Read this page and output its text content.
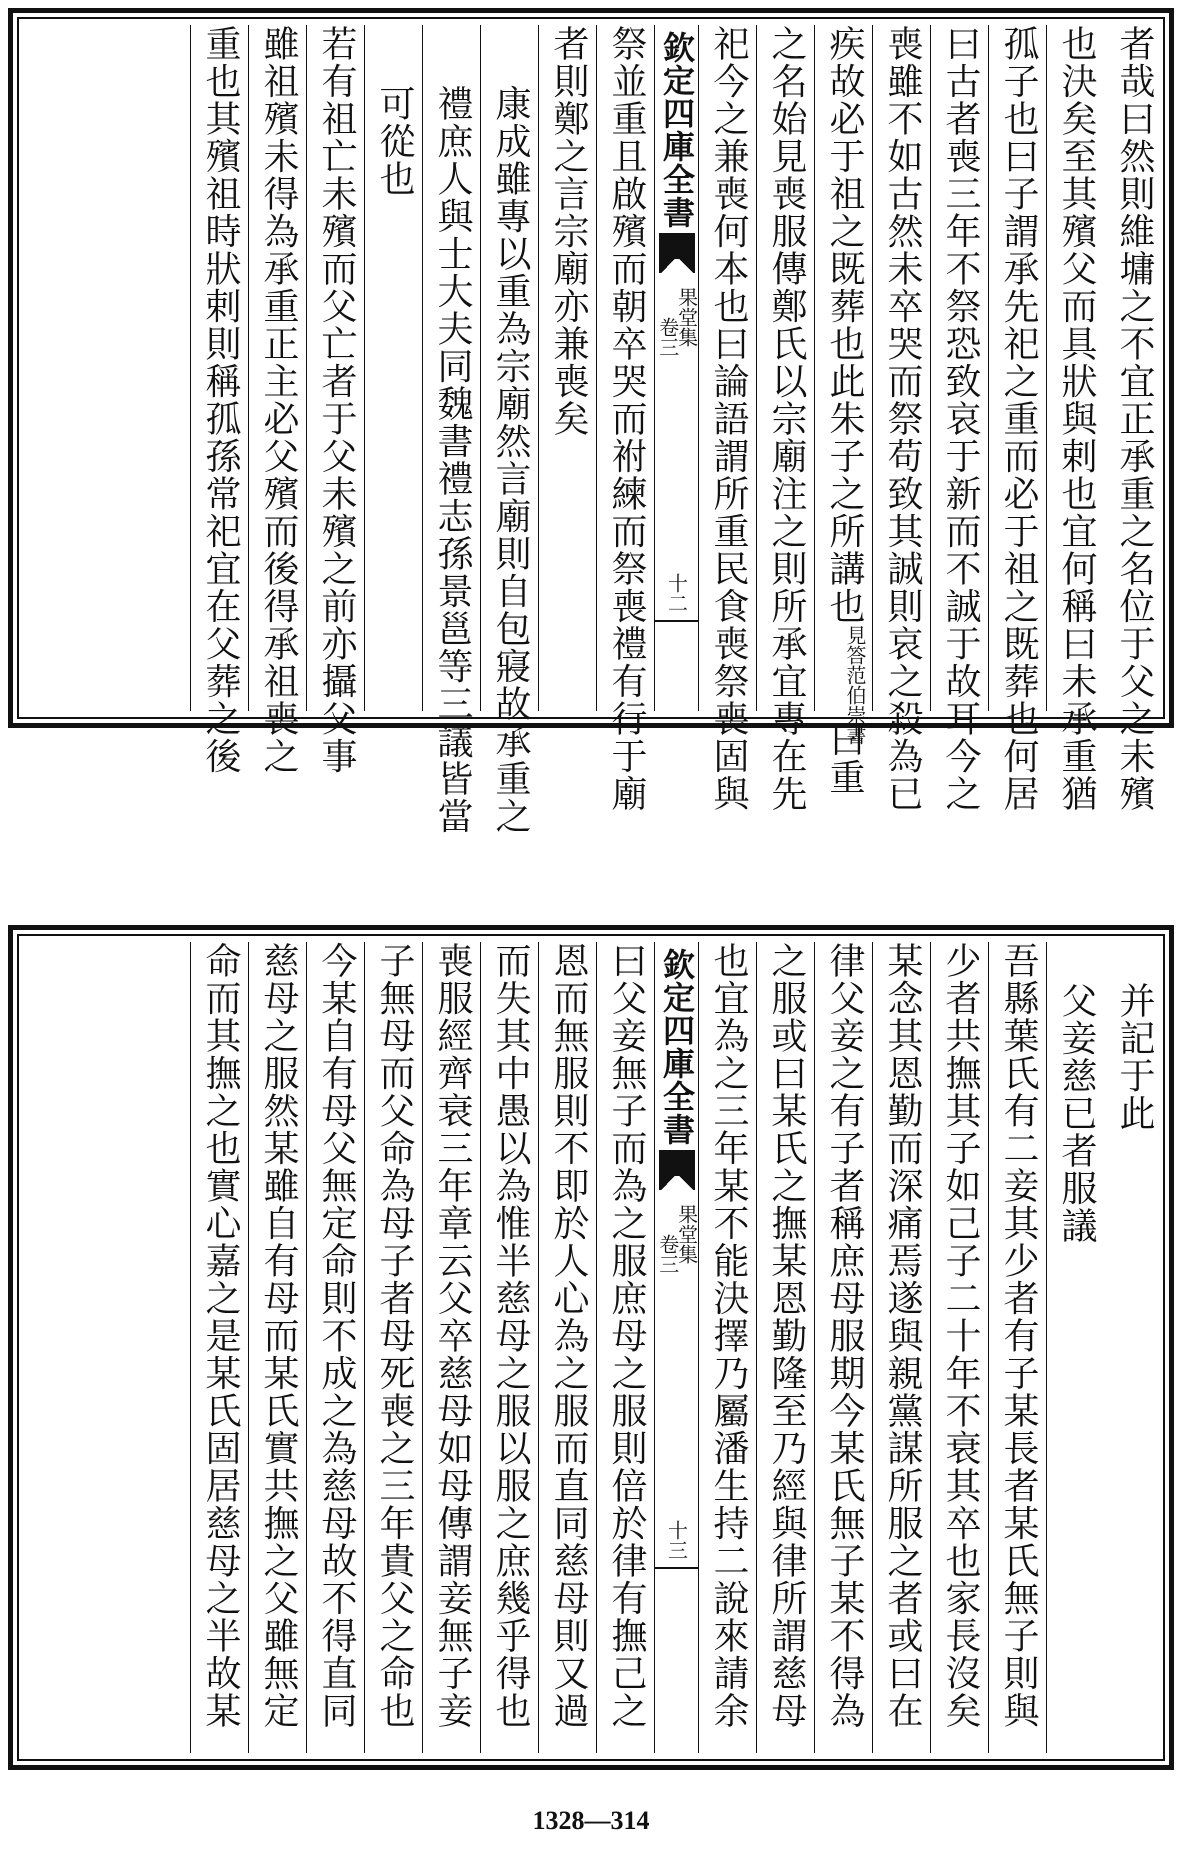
者哉曰然則維墉之不宜正承重之名位于父之未殯
也決矣至其殯父而具狀與剌也宜何稱曰未承重猶
孤子也曰子謂承先祀之重而必于祖之既葬也何居
曰古者喪三年不祭恐致哀于新而不誠于故耳今之
喪雖不如古然未卒哭而祭苟致其誠則哀之殺為已
疾故必于祖之既葬也此朱子之所講也
見答范伯崇書
曰重
之名始見喪服傳鄭氏以宗廟注之則所承宜專在先
祀今之兼喪何本也曰論語謂所重民食喪祭喪固與
欽定四庫全書
果堂集
卷三
十二
祭並重且啟殯而朝卒哭而祔練而祭喪禮有行于廟
者則鄭之言宗廟亦兼喪矣
康成雖專以重為宗廟然言廟則自包寢故承重之
禮庶人與士大夫同魏書禮志孫景邕等三議皆當
可從也
若有祖亡未殯而父亡者于父未殯之前亦攝父事
雖祖殯未得為承重正主必父殯而後得承祖喪之
重也其殯祖時狀剌則稱孤孫常祀宜在父葬之後
并記于此
父妾慈已者服議
吾縣葉氏有二妾其少者有子某長者某氏無子則與
少者共撫其子如己子二十年不衰其卒也家長沒矣
某念其恩勤而深痛焉遂與親黨謀所服之者或曰在
律父妾之有子者稱庶母服期今某氏無子某不得為
之服或曰某氏之撫某恩勤隆至乃經與律所謂慈母
也宜為之三年某不能決擇乃屬潘生持二說來請余
欽定四庫全書
果堂集
卷三
十三
曰父妾無子而為之服庶母之服則倍於律有撫己之
恩而無服則不即於人心為之服而直同慈母則又過
而失其中愚以為惟半慈母之服以服之庶幾乎得也
喪服經齊衰三年章云父卒慈母如母傳謂妾無子妾
子無母而父命為母子者母死喪之三年貴父之命也
今某自有母父無定命則不成之為慈母故不得直同
慈母之服然某雖自有母而某氏實共撫之父雖無定
命而其撫之也實心嘉之是某氏固居慈母之半故某
1328—314
